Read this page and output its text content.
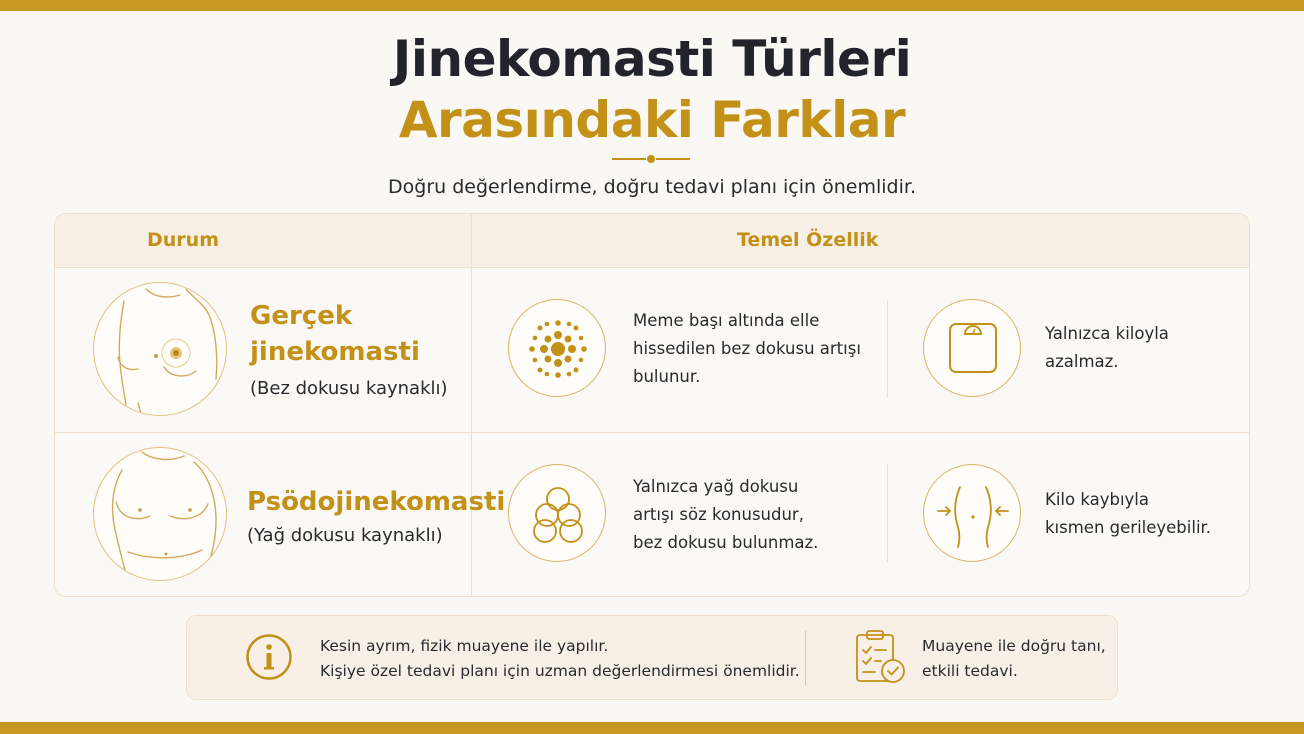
Jinekomasti Türleri
Arasındaki Farklar
Doğru değerlendirme, doğru tedavi planı için önemlidir.
Durum	Temel Özellik
Gerçek
jinekomasti
(Bez dokusu kaynaklı)
Meme başı altında elle
hissedilen bez dokusu artışı
bulunur.
Yalnızca kiloyla
azalmaz.
Psödojinekomasti
(Yağ dokusu kaynaklı)
Yalnızca yağ dokusu
artışı söz konusudur,
bez dokusu bulunmaz.
Kilo kaybıyla
kısmen gerileyebilir.
Kesin ayrım, fizik muayene ile yapılır.
Kişiye özel tedavi planı için uzman değerlendirmesi önemlidir.
Muayene ile doğru tanı,
etkili tedavi.
